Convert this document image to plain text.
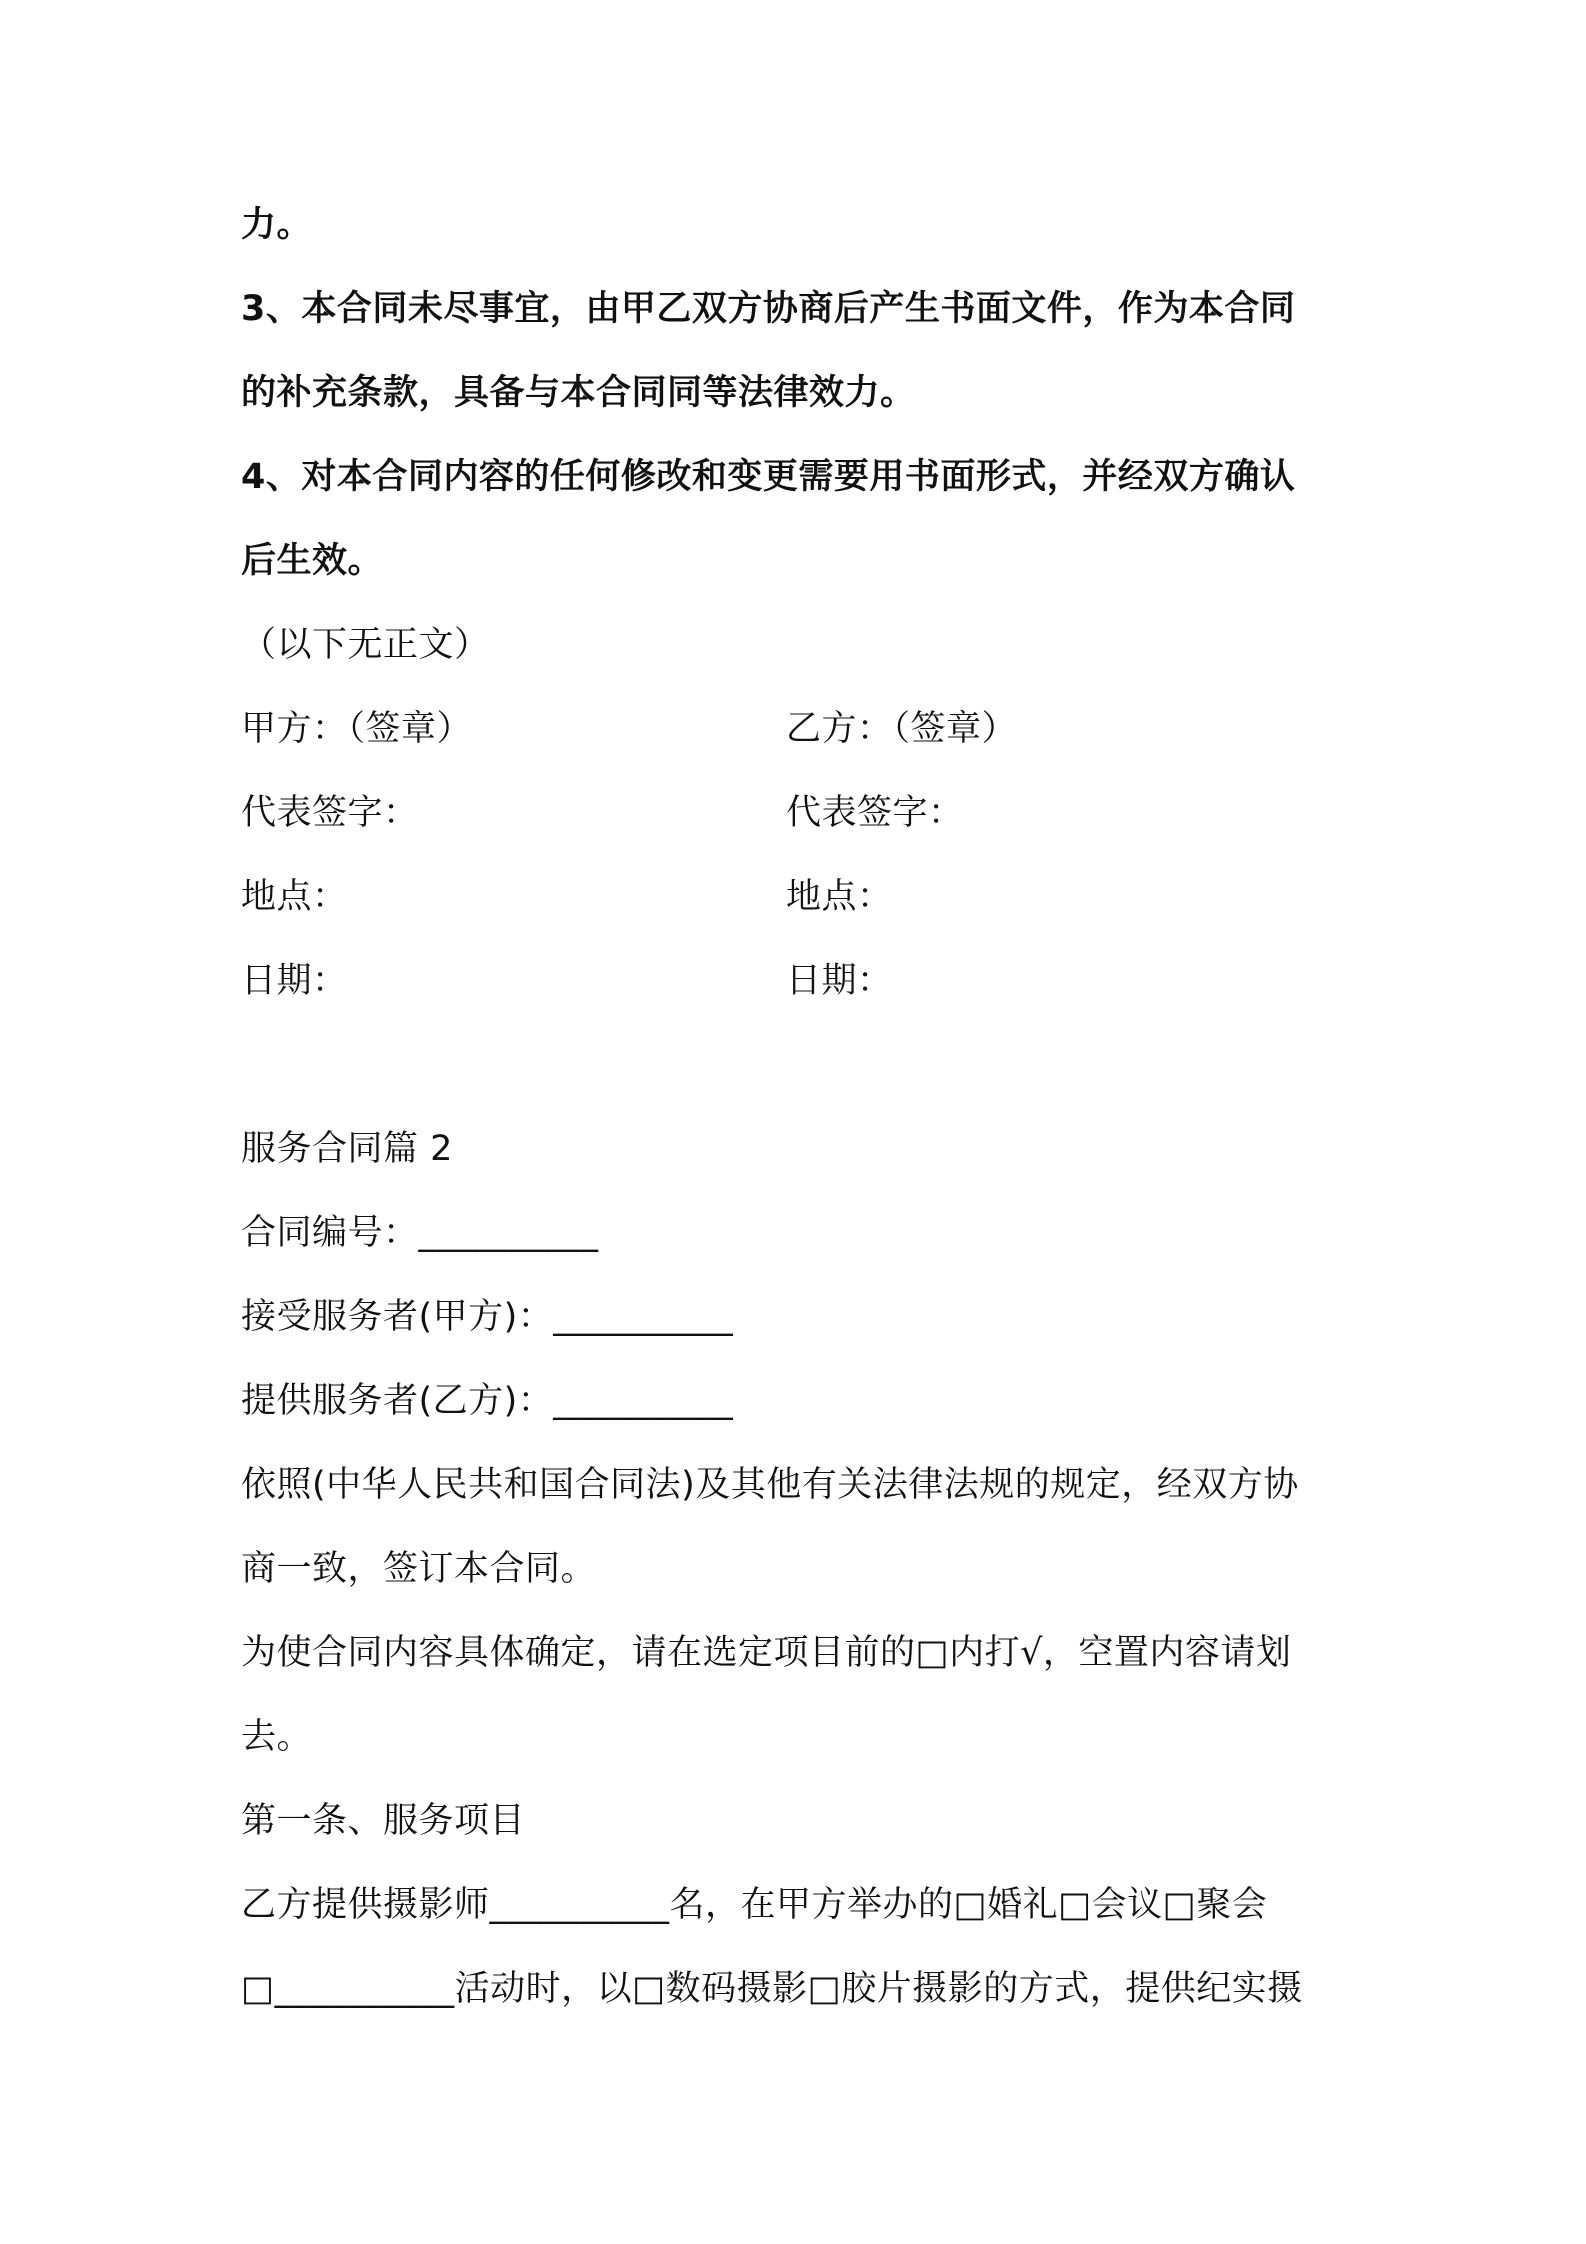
力。
3、本合同未尽事宜，由甲乙双方协商后产生书面文件，作为本合同
的补充条款，具备与本合同同等法律效力。
4、对本合同内容的任何修改和变更需要用书面形式，并经双方确认
后生效。
（以下无正文）
甲方：（签章）	乙方：（签章）
代表签字：	代表签字：
地点：	地点：
日期：	日期：
服务合同篇 2
合同编号：__________
接受服务者(甲方)：__________
提供服务者(乙方)：__________
依照(中华人民共和国合同法)及其他有关法律法规的规定，经双方协
商一致，签订本合同。
为使合同内容具体确定，请在选定项目前的□内打√，空置内容请划
去。
第一条、服务项目
乙方提供摄影师__________名，在甲方举办的□婚礼□会议□聚会
□__________活动时，以□数码摄影□胶片摄影的方式，提供纪实摄
